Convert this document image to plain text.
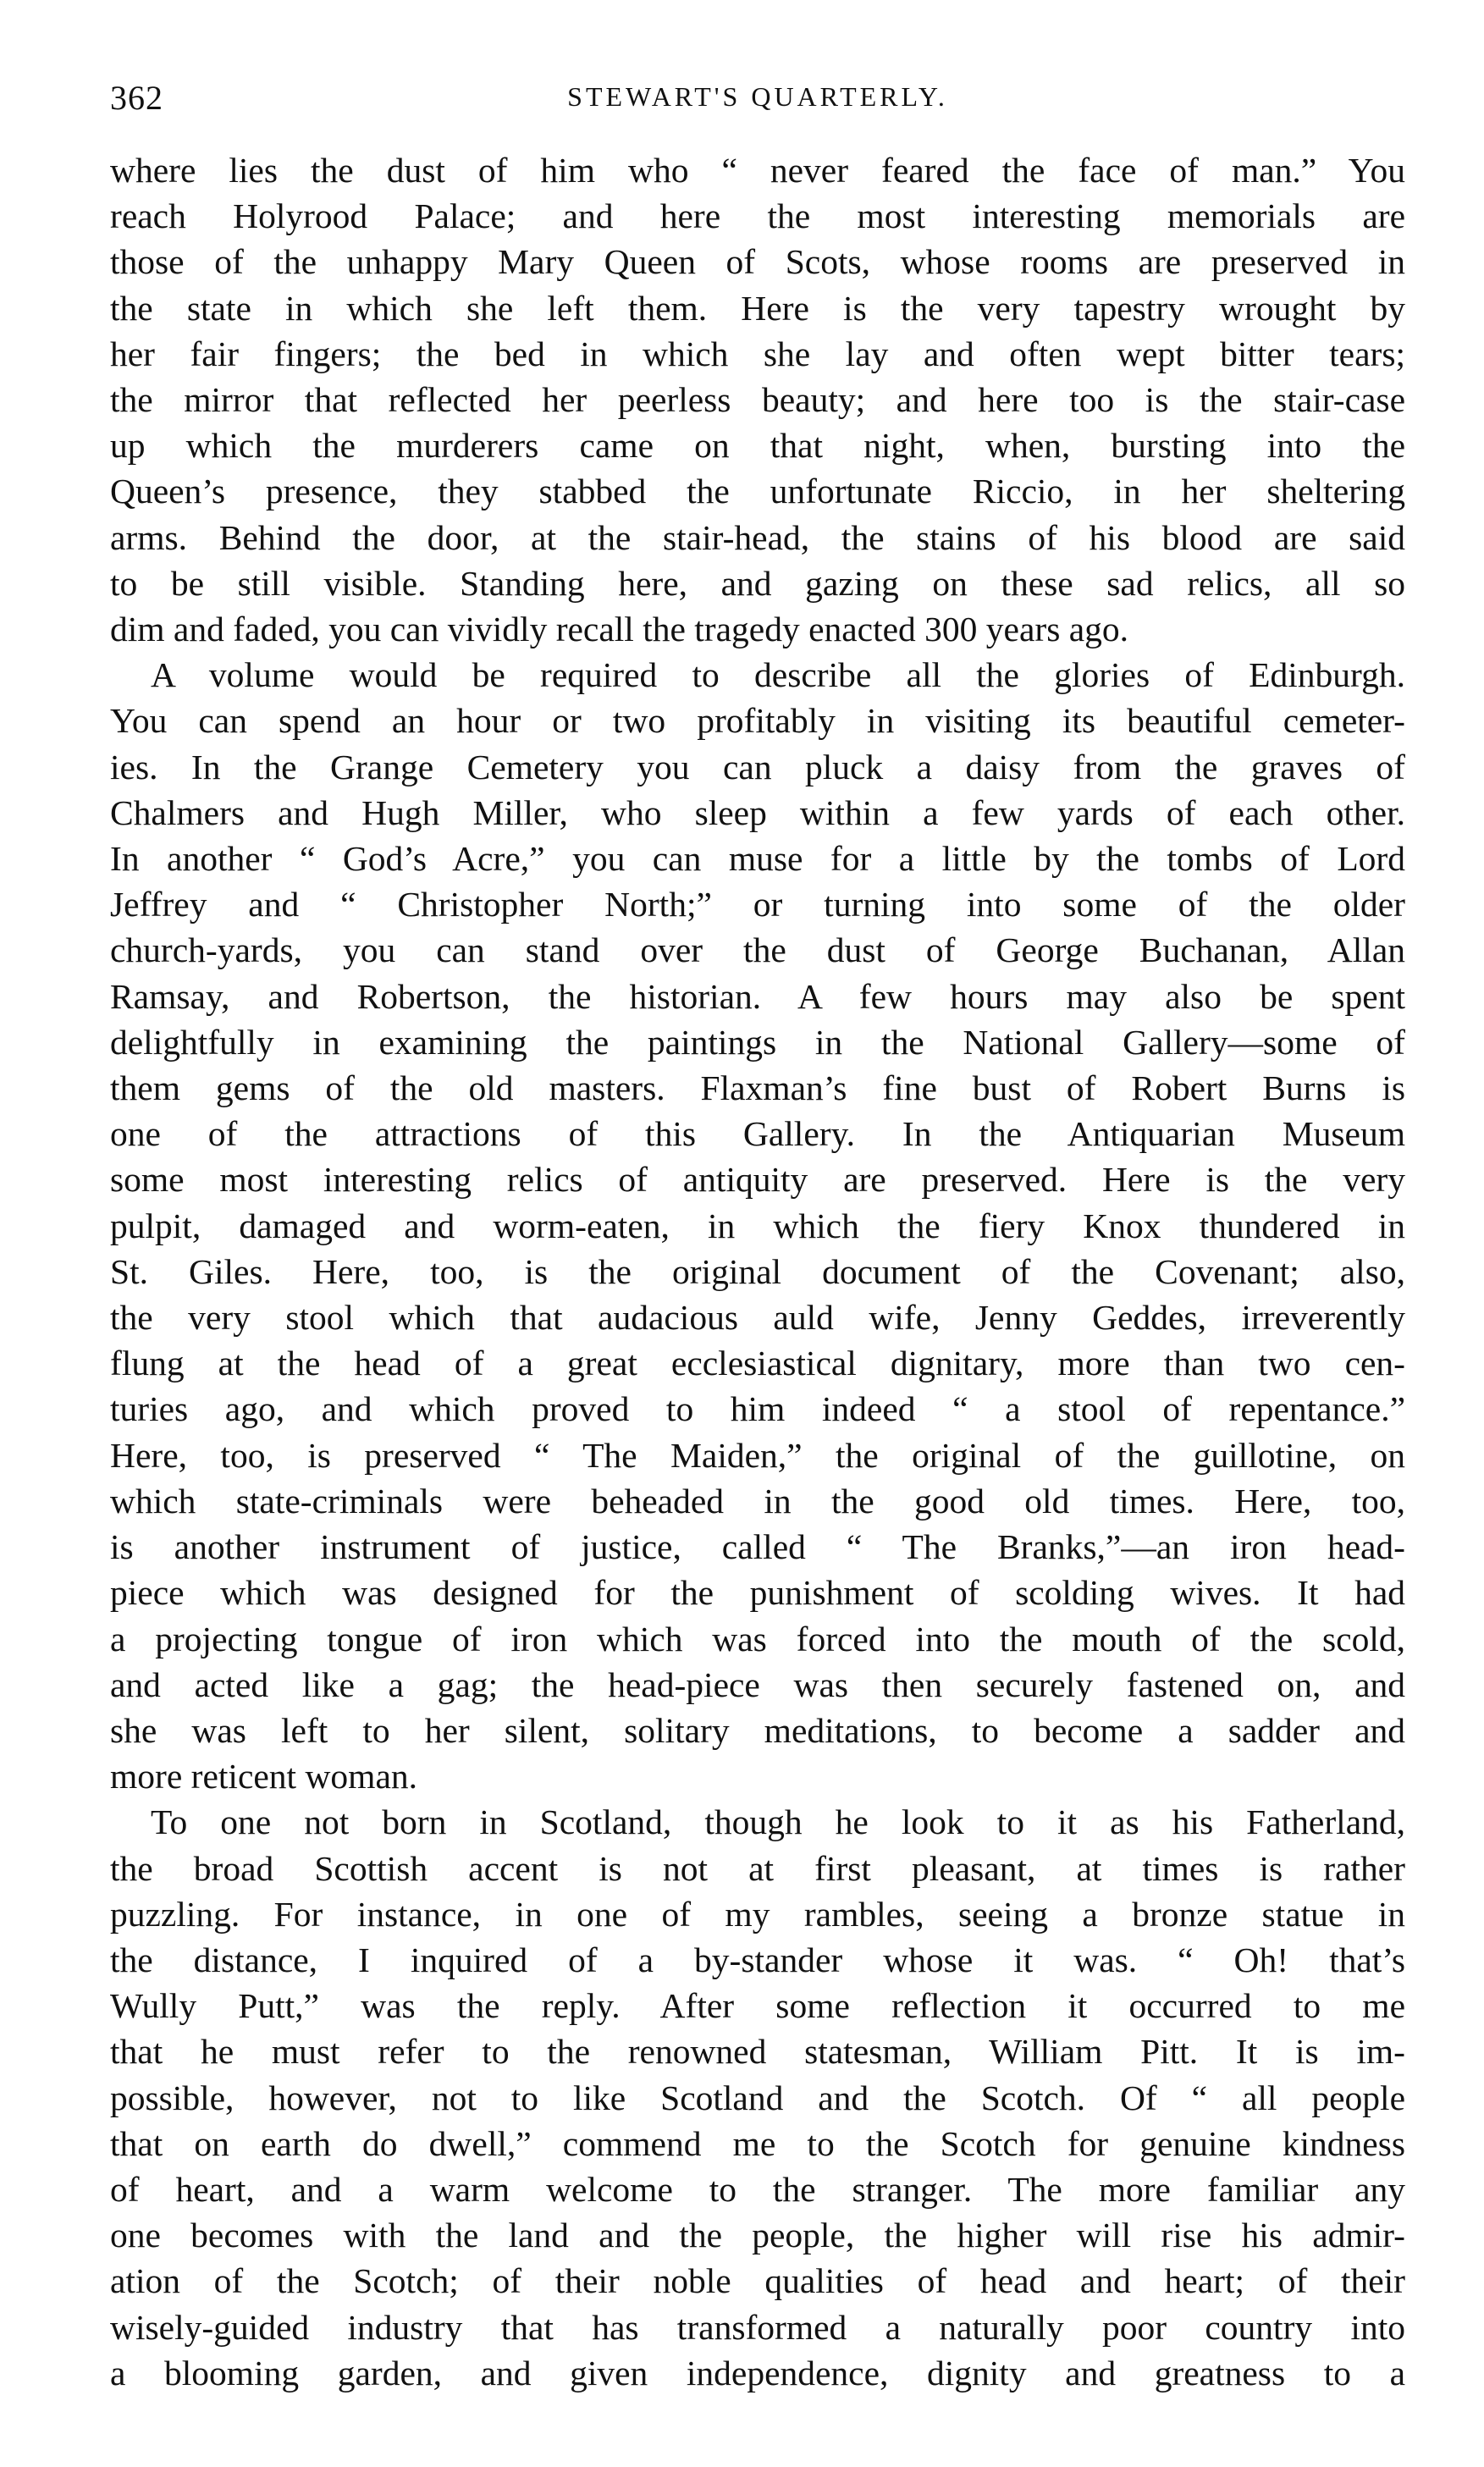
362	STEWART'S QUARTERLY.

where lies the dust of him who “ never feared the face of man.” You

reach Holyrood Palace; and here the most interesting memorials are

those of the unhappy Mary Queen of Scots, whose rooms are preserved in

the state in which she left them. Here is the very tapestry wrought by

her fair fingers; the bed in which she lay and often wept bitter tears;

the mirror that reflected her peerless beauty; and here too is the stair-case

up which the murderers came on that night, when, bursting into the

Queen’s presence, they stabbed the unfortunate Riccio, in her sheltering

arms. Behind the door, at the stair-head, the stains of his blood are said

to be still visible. Standing here, and gazing on these sad relics, all so

dim and faded, you can vividly recall the tragedy enacted 300 years ago.

A volume would be required to describe all the glories of Edinburgh.

You can spend an hour or two profitably in visiting its beautiful cemeter-

ies. In the Grange Cemetery you can pluck a daisy from the graves of

Chalmers and Hugh Miller, who sleep within a few yards of each other.

In another “ God’s Acre,” you can muse for a little by the tombs of Lord

Jeffrey and “ Christopher North;” or turning into some of the older

church-yards, you can stand over the dust of George Buchanan, Allan

Ramsay, and Robertson, the historian. A few hours may also be spent

delightfully in examining the paintings in the National Gallery—some of

them gems of the old masters. Flaxman’s fine bust of Robert Burns is

one of the attractions of this Gallery. In the Antiquarian Museum

some most interesting relics of antiquity are preserved. Here is the very

pulpit, damaged and worm-eaten, in which the fiery Knox thundered in

St. Giles. Here, too, is the original document of the Covenant; also,

the very stool which that audacious auld wife, Jenny Geddes, irreverently

flung at the head of a great ecclesiastical dignitary, more than two cen-

turies ago, and which proved to him indeed “ a stool of repentance.”

Here, too, is preserved “ The Maiden,” the original of the guillotine, on

which state-criminals were beheaded in the good old times. Here, too,

is another instrument of justice, called “ The Branks,”—an iron head-

piece which was designed for the punishment of scolding wives. It had

a projecting tongue of iron which was forced into the mouth of the scold,

and acted like a gag; the head-piece was then securely fastened on, and

she was left to her silent, solitary meditations, to become a sadder and

more reticent woman.

To one not born in Scotland, though he look to it as his Fatherland,

the broad Scottish accent is not at first pleasant, at times is rather

puzzling. For instance, in one of my rambles, seeing a bronze statue in

the distance, I inquired of a by-stander whose it was. “ Oh! that’s

Wully Putt,” was the reply. After some reflection it occurred to me

that he must refer to the renowned statesman, William Pitt. It is im-

possible, however, not to like Scotland and the Scotch. Of “ all people

that on earth do dwell,” commend me to the Scotch for genuine kindness

of heart, and a warm welcome to the stranger. The more familiar any

one becomes with the land and the people, the higher will rise his admir-

ation of the Scotch; of their noble qualities of head and heart; of their

wisely-guided industry that has transformed a naturally poor country into

a blooming garden, and given independence, dignity and greatness to a
